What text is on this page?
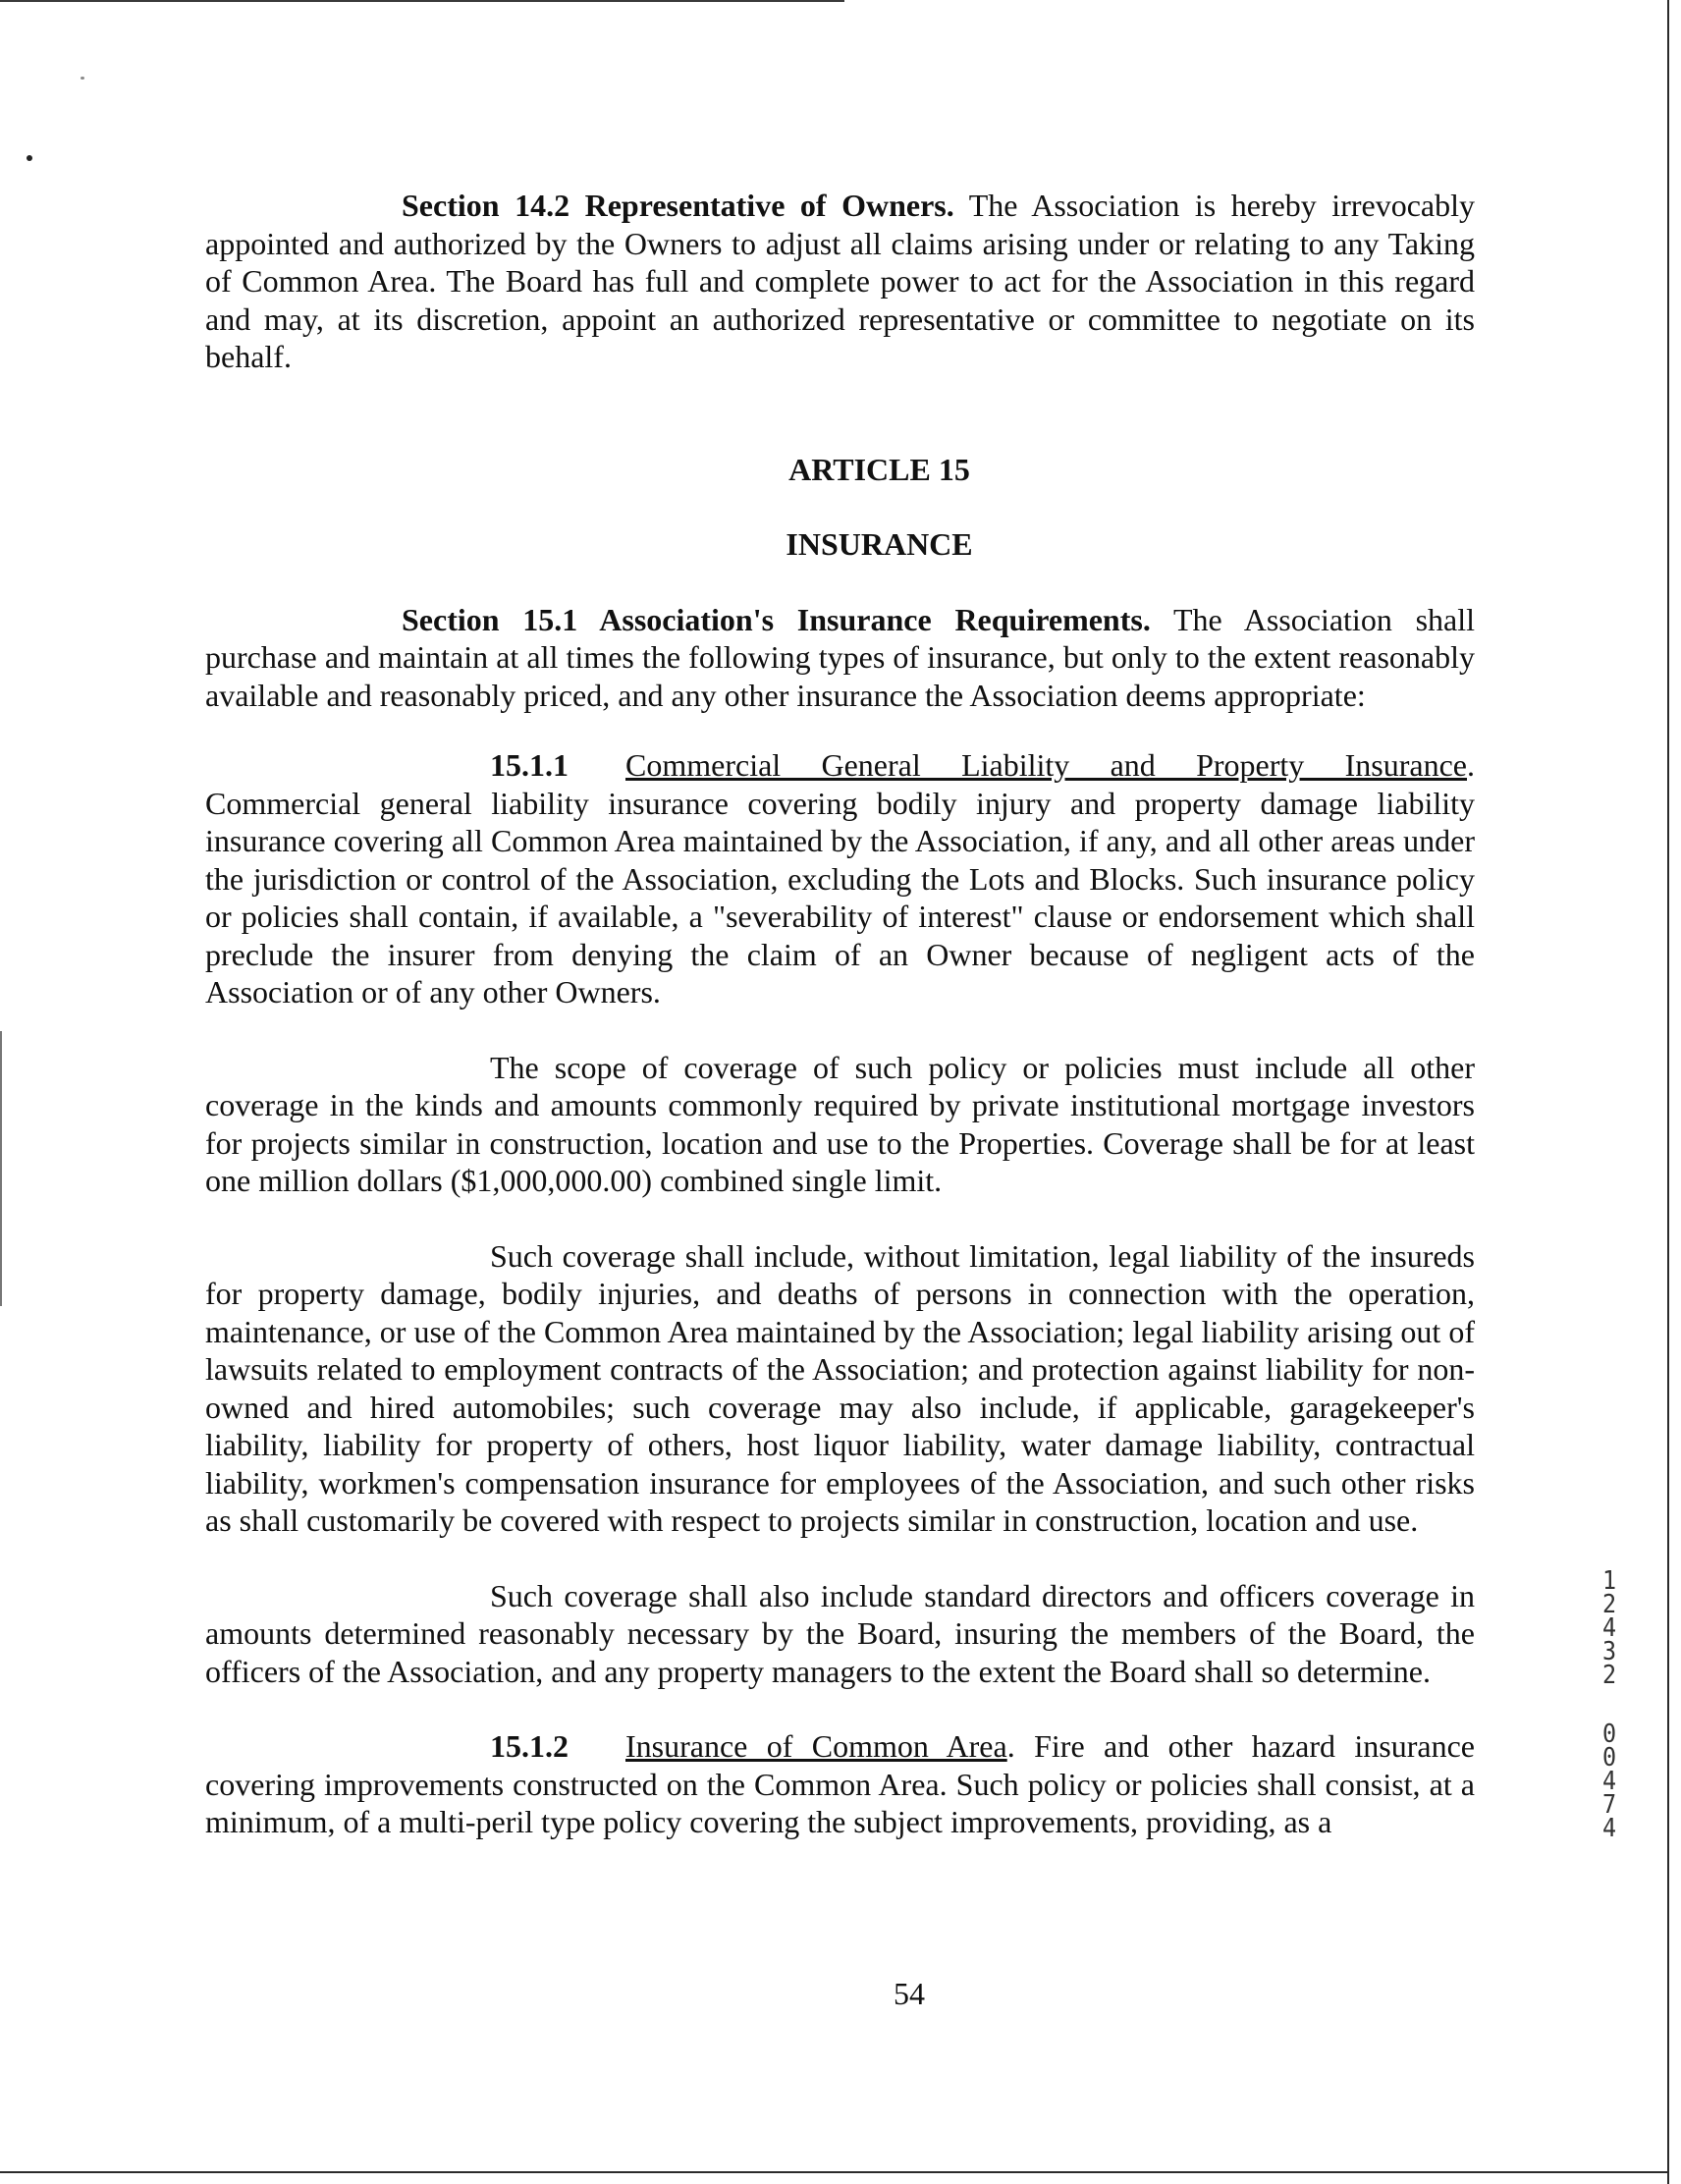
Section 14.2 Representative of Owners. The Association is hereby irrevocably appointed and authorized by the Owners to adjust all claims arising under or relating to any Taking of Common Area. The Board has full and complete power to act for the Association in this regard and may, at its discretion, appoint an authorized representative or committee to negotiate on its behalf.

ARTICLE 15

INSURANCE

Section 15.1 Association's Insurance Requirements. The Association shall purchase and maintain at all times the following types of insurance, but only to the extent reasonably available and reasonably priced, and any other insurance the Association deems appropriate:

15.1.1 Commercial General Liability and Property Insurance. Commercial general liability insurance covering bodily injury and property damage liability insurance covering all Common Area maintained by the Association, if any, and all other areas under the jurisdiction or control of the Association, excluding the Lots and Blocks. Such insurance policy or policies shall contain, if available, a "severability of interest" clause or endorsement which shall preclude the insurer from denying the claim of an Owner because of negligent acts of the Association or of any other Owners.

The scope of coverage of such policy or policies must include all other coverage in the kinds and amounts commonly required by private institutional mortgage investors for projects similar in construction, location and use to the Properties. Coverage shall be for at least one million dollars ($1,000,000.00) combined single limit.

Such coverage shall include, without limitation, legal liability of the insureds for property damage, bodily injuries, and deaths of persons in connection with the operation, maintenance, or use of the Common Area maintained by the Association; legal liability arising out of lawsuits related to employment contracts of the Association; and protection against liability for non-owned and hired automobiles; such coverage may also include, if applicable, garagekeeper's liability, liability for property of others, host liquor liability, water damage liability, contractual liability, workmen's compensation insurance for employees of the Association, and such other risks as shall customarily be covered with respect to projects similar in construction, location and use.

Such coverage shall also include standard directors and officers coverage in amounts determined reasonably necessary by the Board, insuring the members of the Board, the officers of the Association, and any property managers to the extent the Board shall so determine.

15.1.2 Insurance of Common Area. Fire and other hazard insurance covering improvements constructed on the Common Area. Such policy or policies shall consist, at a minimum, of a multi-peril type policy covering the subject improvements, providing, as a

54
1
2
4
3
2
0
0
4
7
4
